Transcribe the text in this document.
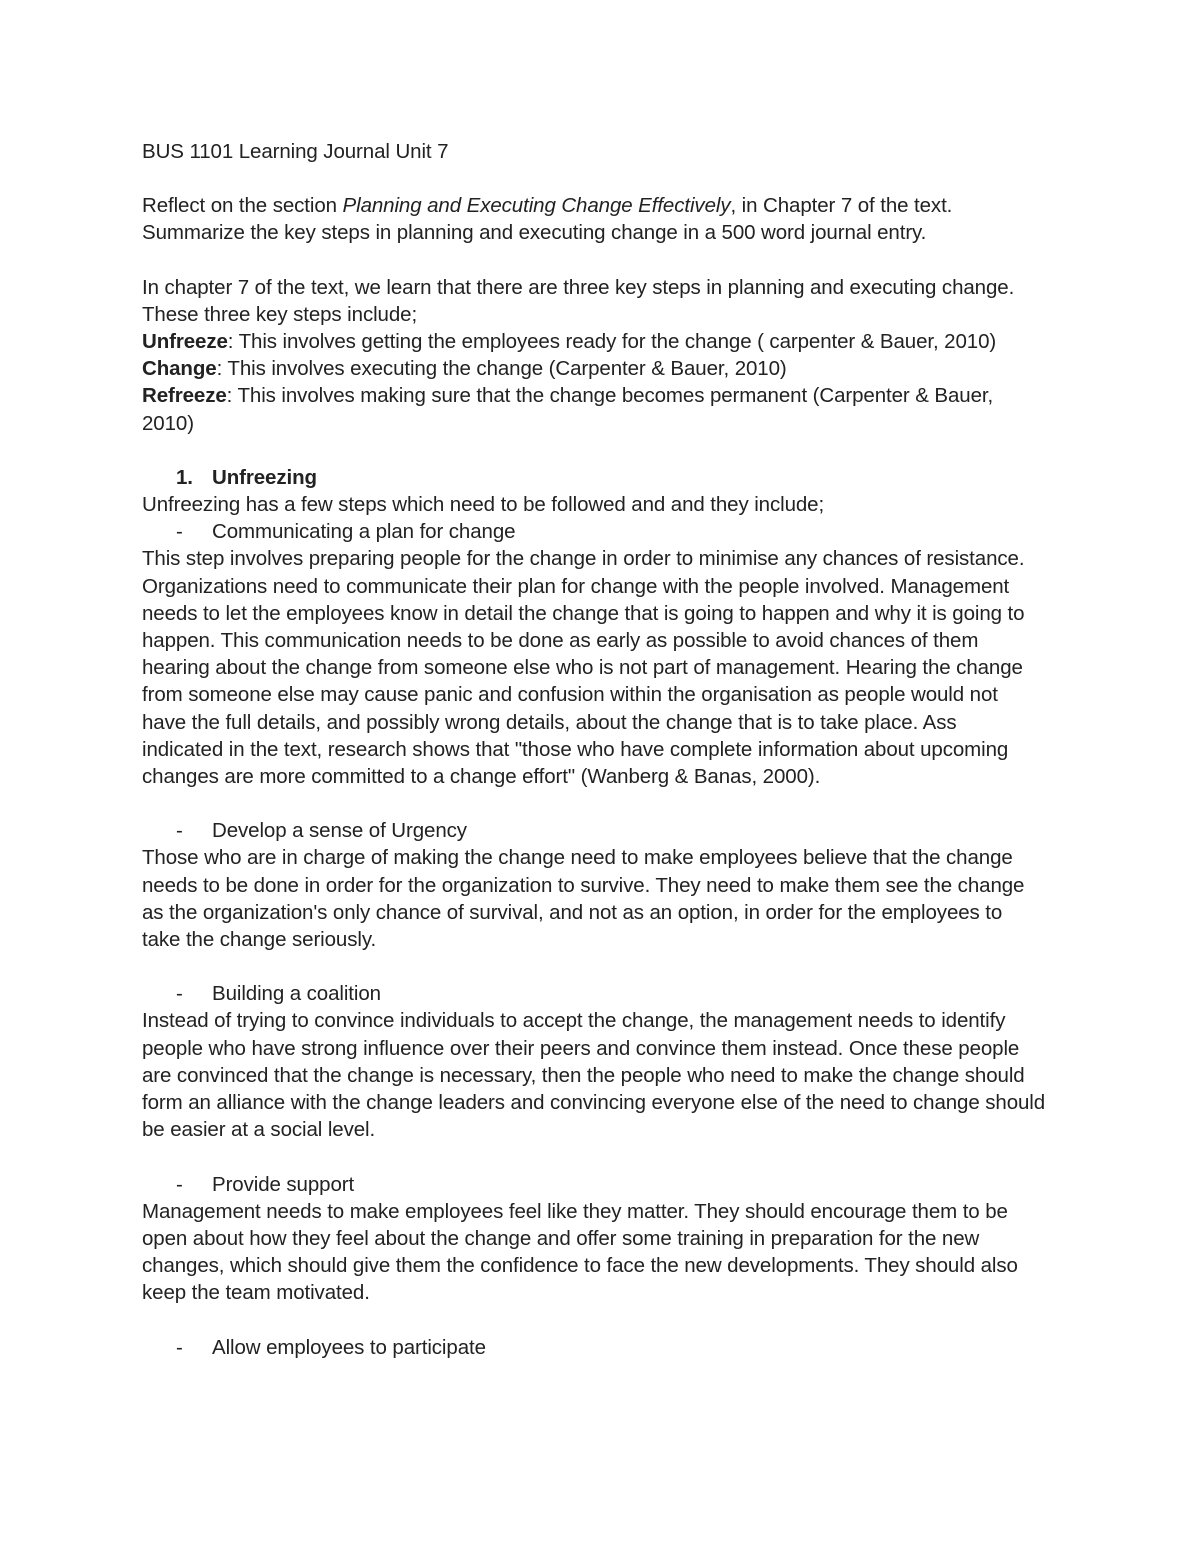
BUS 1101 Learning Journal Unit 7
Reflect on the section Planning and Executing Change Effectively, in Chapter 7 of the text.
Summarize the key steps in planning and executing change in a 500 word journal entry.
In chapter 7 of the text, we learn that there are three key steps in planning and executing change.
These three key steps include;
Unfreeze: This involves getting the employees ready for the change ( carpenter & Bauer, 2010)
Change: This involves executing the change (Carpenter & Bauer, 2010)
Refreeze: This involves making sure that the change becomes permanent (Carpenter & Bauer,
2010)
1. Unfreezing
Unfreezing has a few steps which need to be followed and and they include;
- Communicating a plan for change
This step involves preparing people for the change in order to minimise any chances of resistance.
Organizations need to communicate their plan for change with the people involved. Management
needs to let the employees know in detail the change that is going to happen and why it is going to
happen. This communication needs to be done as early as possible to avoid chances of them
hearing about the change from someone else who is not part of management. Hearing the change
from someone else may cause panic and confusion within the organisation as people would not
have the full details, and possibly wrong details, about the change that is to take place. Ass
indicated in the text, research shows that "those who have complete information about upcoming
changes are more committed to a change effort" (Wanberg & Banas, 2000).
- Develop a sense of Urgency
Those who are in charge of making the change need to make employees believe that the change
needs to be done in order for the organization to survive. They need to make them see the change
as the organization's only chance of survival, and not as an option, in order for the employees to
take the change seriously.
- Building a coalition
Instead of trying to convince individuals to accept the change, the management needs to identify
people who have strong influence over their peers and convince them instead. Once these people
are convinced that the change is necessary, then the people who need to make the change should
form an alliance with the change leaders and convincing everyone else of the need to change should
be easier at a social level.
- Provide support
Management needs to make employees feel like they matter. They should encourage them to be
open about how they feel about the change and offer some training in preparation for the new
changes, which should give them the confidence to face the new developments. They should also
keep the team motivated.
- Allow employees to participate
